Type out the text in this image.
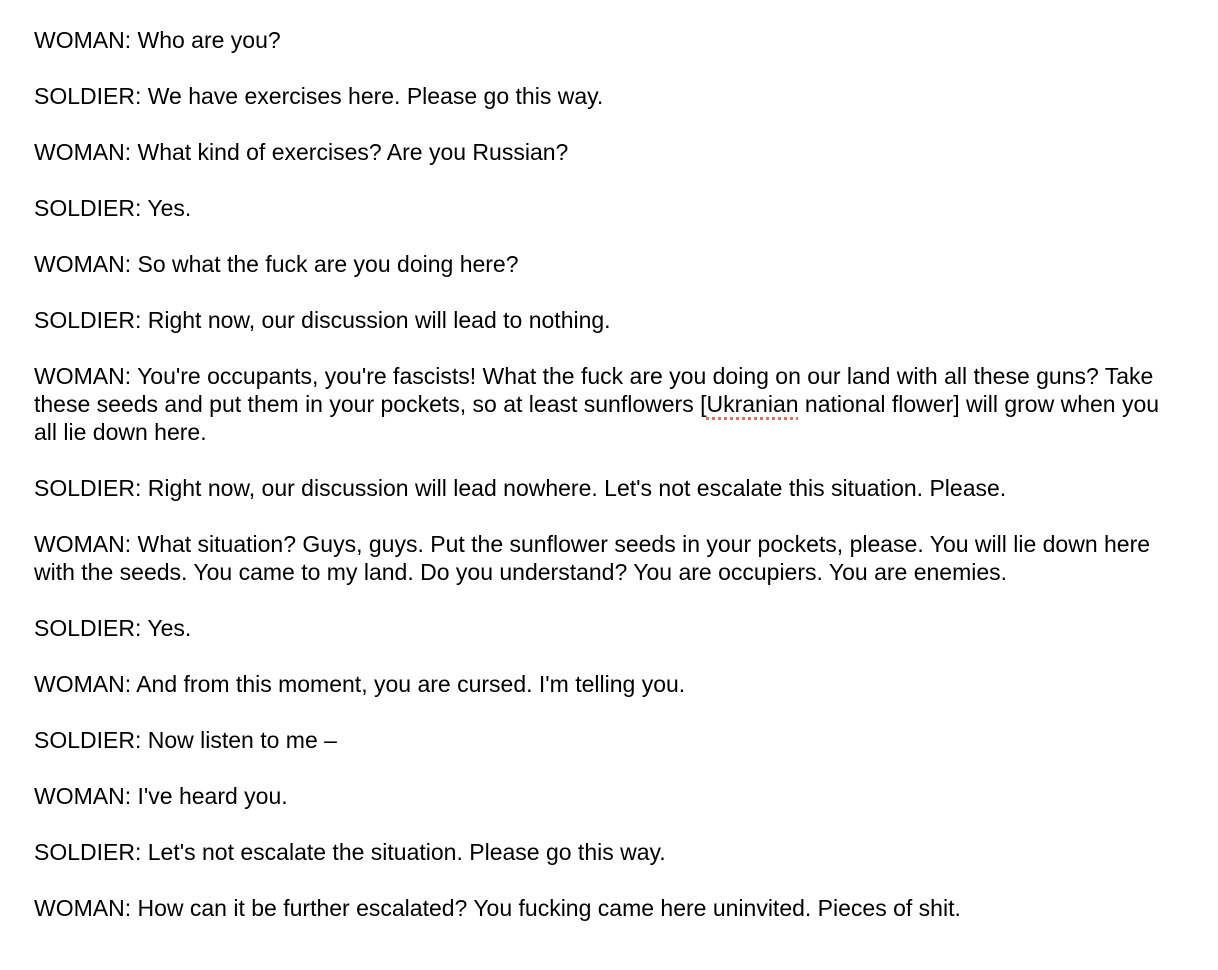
WOMAN: Who are you?

SOLDIER: We have exercises here. Please go this way.

WOMAN: What kind of exercises? Are you Russian?

SOLDIER: Yes.

WOMAN: So what the fuck are you doing here?

SOLDIER: Right now, our discussion will lead to nothing.

WOMAN: You're occupants, you're fascists! What the fuck are you doing on our land with all these guns? Take these seeds and put them in your pockets, so at least sunflowers [Ukranian national flower] will grow when you all lie down here.

SOLDIER: Right now, our discussion will lead nowhere. Let's not escalate this situation. Please.

WOMAN: What situation? Guys, guys. Put the sunflower seeds in your pockets, please. You will lie down here with the seeds. You came to my land. Do you understand? You are occupiers. You are enemies.

SOLDIER: Yes.

WOMAN: And from this moment, you are cursed. I'm telling you.

SOLDIER: Now listen to me –

WOMAN: I've heard you.

SOLDIER: Let's not escalate the situation. Please go this way.

WOMAN: How can it be further escalated? You fucking came here uninvited. Pieces of shit.
